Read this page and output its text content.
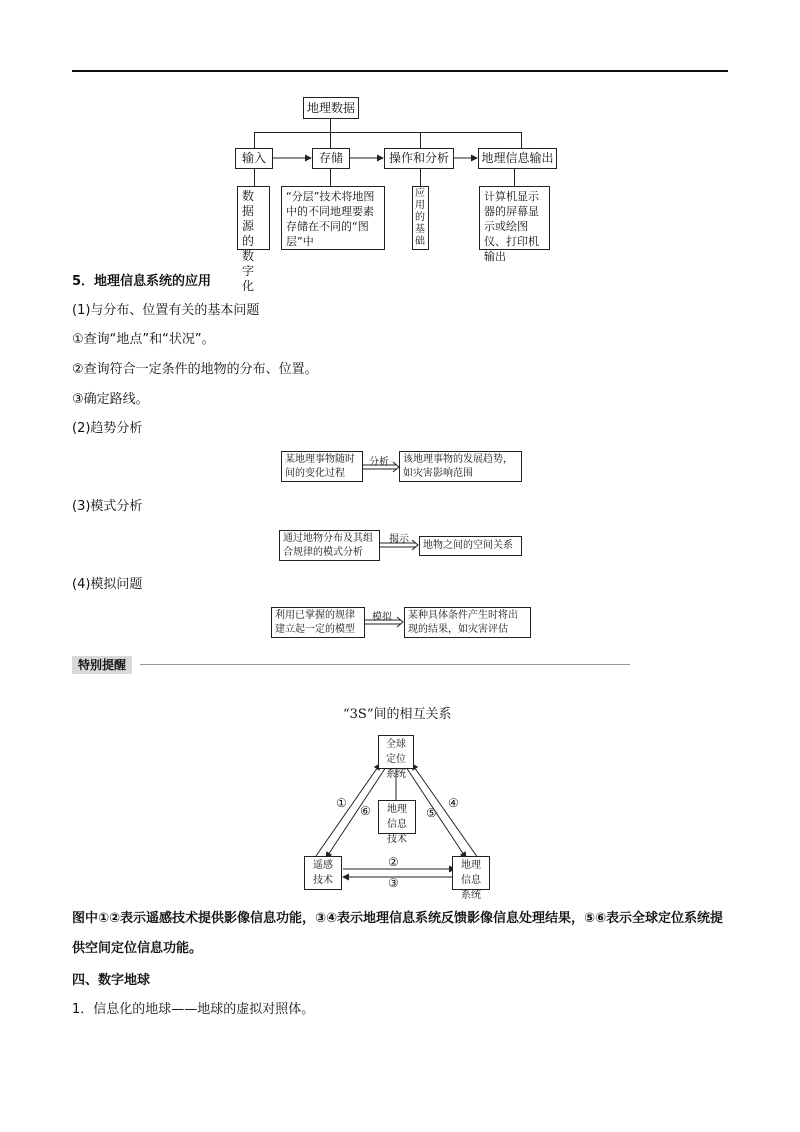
地理数据
输入	存储	操作和分析	地理信息输出
数据源的数字化
“分层”技术将地图中的不同地理要素存储在不同的“图层”中
应用的基础
计算机显示器的屏幕显示或绘图仪、打印机输出
5．地理信息系统的应用
(1)与分布、位置有关的基本问题
①查询“地点”和“状况”。
②查询符合一定条件的地物的分布、位置。
③确定路线。
(2)趋势分析
某地理事物随时间的变化过程
分析	该地理事物的发展趋势，如灾害影响范围
(3)模式分析
通过地物分布及其组合规律的模式分析
揭示
地物之间的空间关系
(4)模拟问题
利用已掌握的规律建立起一定的模型
模拟	某种具体条件产生时将出现的结果，如灾害评估
特别提醒
“3S”间的相互关系
全球定位系统
地理信息技术
遥感技术
地理信息系统
①
⑥	⑤
④
②
③
图中①②表示遥感技术提供影像信息功能，③④表示地理信息系统反馈影像信息处理结果，⑤⑥表示全球定位系统提供空间定位信息功能。
四、数字地球
1．信息化的地球——地球的虚拟对照体。
